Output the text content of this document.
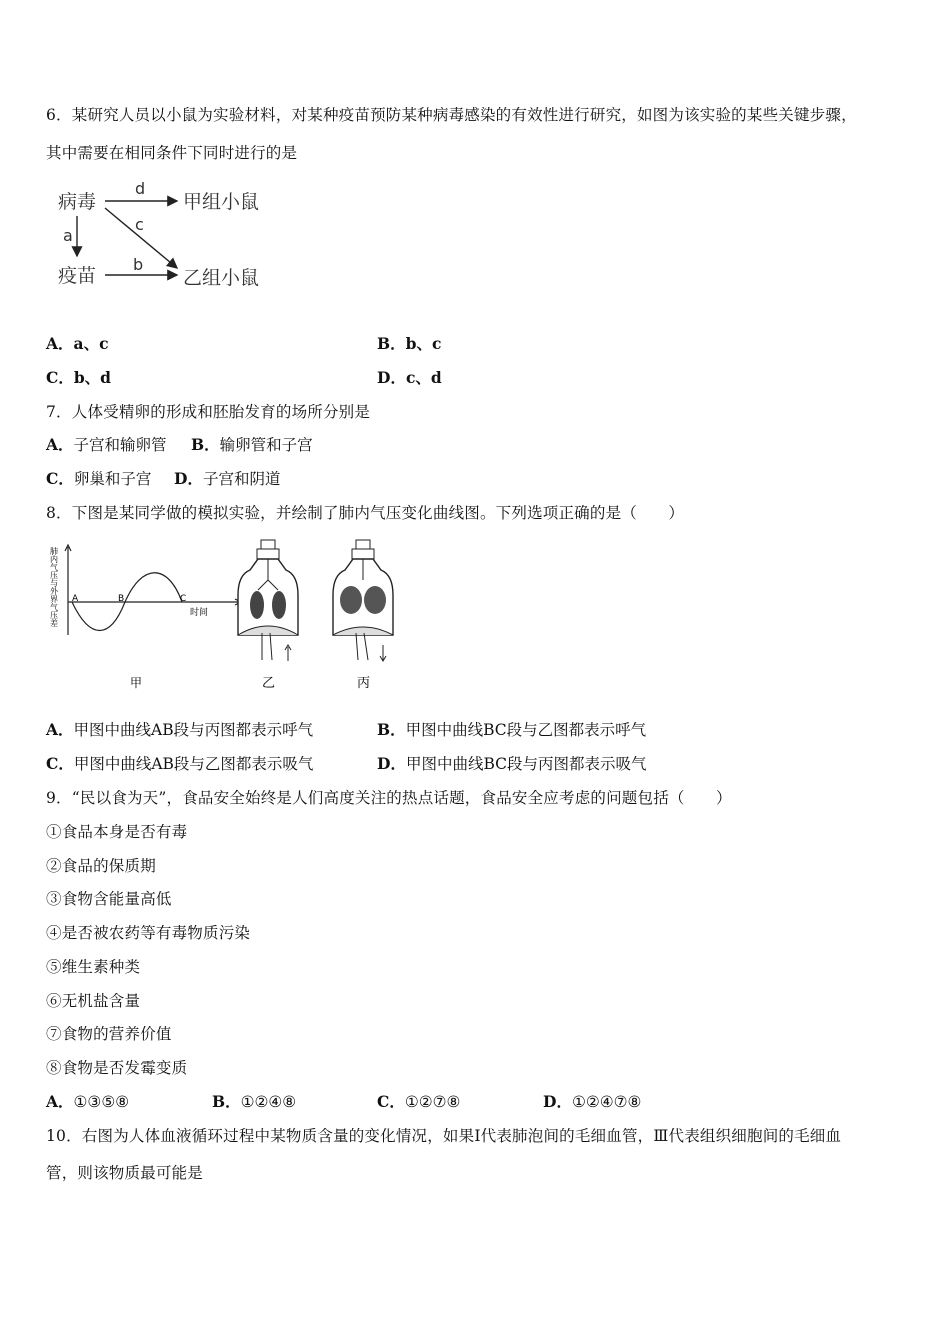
6．某研究人员以小鼠为实验材料，对某种疫苗预防某种病毒感染的有效性进行研究，如图为该实验的某些关键步骤，
其中需要在相同条件下同时进行的是
病毒	甲组小鼠
疫苗	乙组小鼠
d
a
c
b
A．a、c	B．b、c
C．b、d	D．c、d
7．人体受精卵的形成和胚胎发育的场所分别是
A．子宫和输卵管 B．输卵管和子宫
C．卵巢和子宫 D．子宫和阴道
8．下图是某同学做的模拟实验，并绘制了肺内气压变化曲线图。下列选项正确的是（　　）
A	B	C
时间
肺内气压与外界气压差
甲	乙	丙
A．甲图中曲线AB段与丙图都表示呼气	B．甲图中曲线BC段与乙图都表示呼气
C．甲图中曲线AB段与乙图都表示吸气	D．甲图中曲线BC段与丙图都表示吸气
9．“民以食为天”，食品安全始终是人们高度关注的热点话题，食品安全应考虑的问题包括（　　）
①食品本身是否有毒
②食品的保质期
③食物含能量高低
④是否被农药等有毒物质污染
⑤维生素种类
⑥无机盐含量
⑦食物的营养价值
⑧食物是否发霉变质
A．①③⑤⑧	B．①②④⑧	C．①②⑦⑧	D．①②④⑦⑧
10．右图为人体血液循环过程中某物质含量的变化情况，如果Ⅰ代表肺泡间的毛细血管，Ⅲ代表组织细胞间的毛细血
管，则该物质最可能是
